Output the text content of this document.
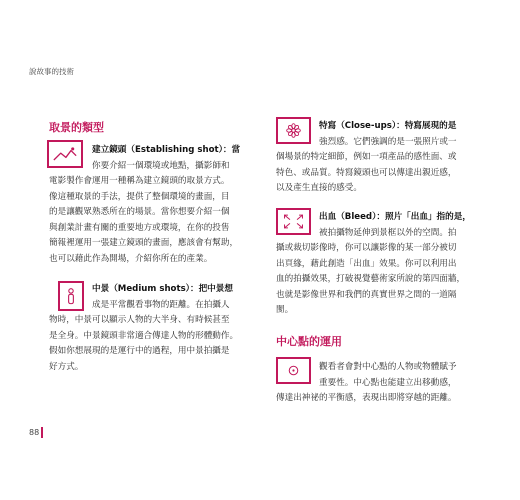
說故事的技術
取景的類型
建立鏡頭（Establishing shot）：當
你要介紹一個環境或地點，攝影師和
電影製作會運用一種稱為建立鏡頭的取景方式。
像這種取景的手法，提供了整個環境的畫面，目
的是讓觀眾熟悉所在的場景。當你想要介紹一個
與創業計畫有關的重要地方或環境，在你的投售
簡報裡運用一張建立鏡頭的畫面，應該會有幫助，
也可以藉此作為開場，介紹你所在的產業。
中景（Medium shots）：把中景想
成是平常觀看事物的距離。在拍攝人
物時，中景可以顯示人物的大半身、有時候甚至
是全身。中景鏡頭非常適合傳達人物的形體動作。
假如你想展現的是運行中的過程，用中景拍攝是
好方式。
特寫（Close-ups）：特寫展現的是
強烈感。它們強調的是一張照片或一
個場景的特定細節，例如一項產品的感性面、或
特色、或品質。特寫鏡頭也可以傳達出親近感，
以及產生直接的感受。
出血（Bleed）：照片「出血」指的是，
被拍攝物延伸到景框以外的空間。拍
攝或裁切影像時，你可以讓影像的某一部分被切
出頁緣，藉此創造「出血」效果。你可以利用出
血的拍攝效果，打破視覺藝術家所說的第四面牆，
也就是影像世界和我們的真實世界之間的一道隔
閡。
中心點的運用
觀看者會對中心點的人物或物體賦予
重要性。中心點也能建立出移動感，
傳達出神祕的平衡感，表現出即將穿越的距離。
88
